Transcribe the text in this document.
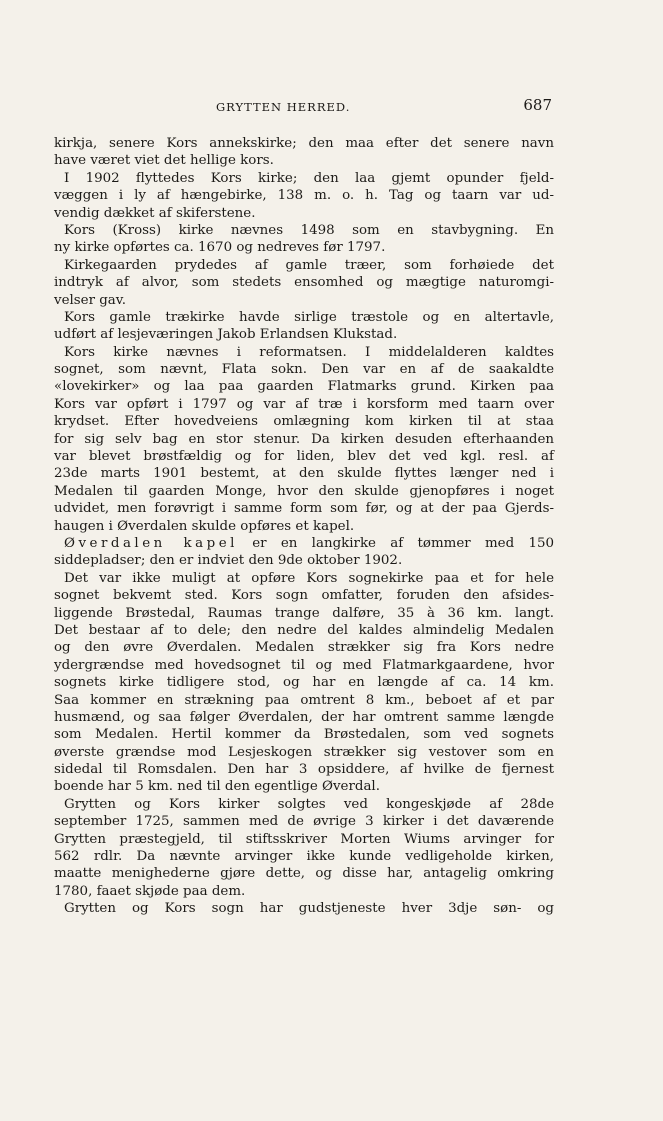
GRYTTEN HERRED.	687
kirkja, senere Kors annekskirke; den maa efter det senere navn
have været viet det hellige kors.
I 1902 flyttedes Kors kirke; den laa gjemt opunder fjeld-
væggen i ly af hængebirke, 138 m. o. h. Tag og taarn var ud-
vendig dækket af skiferstene.
Kors (Kross) kirke nævnes 1498 som en stavbygning. En
ny kirke opførtes ca. 1670 og nedreves før 1797.
Kirkegaarden prydedes af gamle træer, som forhøiede det
indtryk af alvor, som stedets ensomhed og mægtige naturomgi-
velser gav.
Kors gamle trækirke havde sirlige træstole og en altertavle,
udført af lesjeværingen Jakob Erlandsen Klukstad.
Kors kirke nævnes i reformatsen. I middelalderen kaldtes
sognet, som nævnt, Flata sokn. Den var en af de saakaldte
«lovekirker» og laa paa gaarden Flatmarks grund. Kirken paa
Kors var opført i 1797 og var af træ i korsform med taarn over
krydset. Efter hovedveiens omlægning kom kirken til at staa
for sig selv bag en stor stenur. Da kirken desuden efterhaanden
var blevet brøstfældig og for liden, blev det ved kgl. resl. af
23de marts 1901 bestemt, at den skulde flyttes længer ned i
Medalen til gaarden Monge, hvor den skulde gjenopføres i noget
udvidet, men forøvrigt i samme form som før, og at der paa Gjerds-
haugen i Øverdalen skulde opføres et kapel.
Øverdalen kapel er en langkirke af tømmer med 150
siddepladser; den er indviet den 9de oktober 1902.
Det var ikke muligt at opføre Kors sognekirke paa et for hele
sognet bekvemt sted. Kors sogn omfatter, foruden den afsides-
liggende Brøstedal, Raumas trange dalføre, 35 à 36 km. langt.
Det bestaar af to dele; den nedre del kaldes almindelig Medalen
og den øvre Øverdalen. Medalen strækker sig fra Kors nedre
ydergrændse med hovedsognet til og med Flatmarkgaardene, hvor
sognets kirke tidligere stod, og har en længde af ca. 14 km.
Saa kommer en strækning paa omtrent 8 km., beboet af et par
husmænd, og saa følger Øverdalen, der har omtrent samme længde
som Medalen. Hertil kommer da Brøstedalen, som ved sognets
øverste grændse mod Lesjeskogen strækker sig vestover som en
sidedal til Romsdalen. Den har 3 opsiddere, af hvilke de fjernest
boende har 5 km. ned til den egentlige Øverdal.
Grytten og Kors kirker solgtes ved kongeskjøde af 28de
september 1725, sammen med de øvrige 3 kirker i det daværende
Grytten præstegjeld, til stiftsskriver Morten Wiums arvinger for
562 rdlr. Da nævnte arvinger ikke kunde vedligeholde kirken,
maatte menighederne gjøre dette, og disse har, antagelig omkring
1780, faaet skjøde paa dem.
Grytten og Kors sogn har gudstjeneste hver 3dje søn- og
